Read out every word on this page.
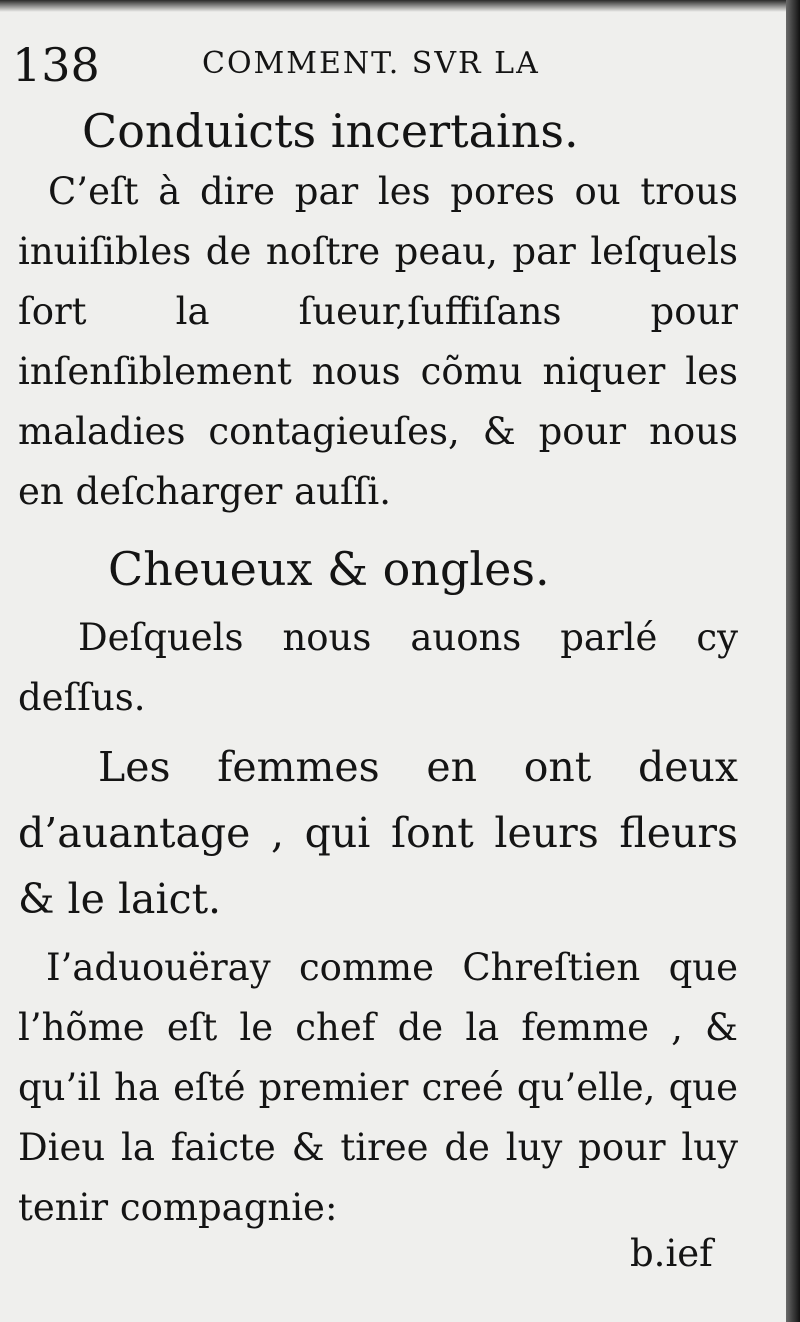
138	COMMENT. SVR LA
Conduicts incertains.
C’eſt à dire par les pores ou trous inuiſibles de noſtre peau, par leſquels ſort la ſueur,ſuffiſans pour inſenſiblement nous cõmu niquer les maladies contagieuſes, & pour nous en deſcharger auſſi.
Cheueux & ongles.
Deſquels nous auons parlé cy deſſus.
Les femmes en ont deux d’auantage , qui ſont leurs fleurs & le laict.
I’aduouëray comme Chreſtien que l’hõme eſt le chef de la femme , & qu’il ha eſté premier creé qu’elle, que Dieu la faicte & tiree de luy pour luy tenir compagnie:
b.ief
